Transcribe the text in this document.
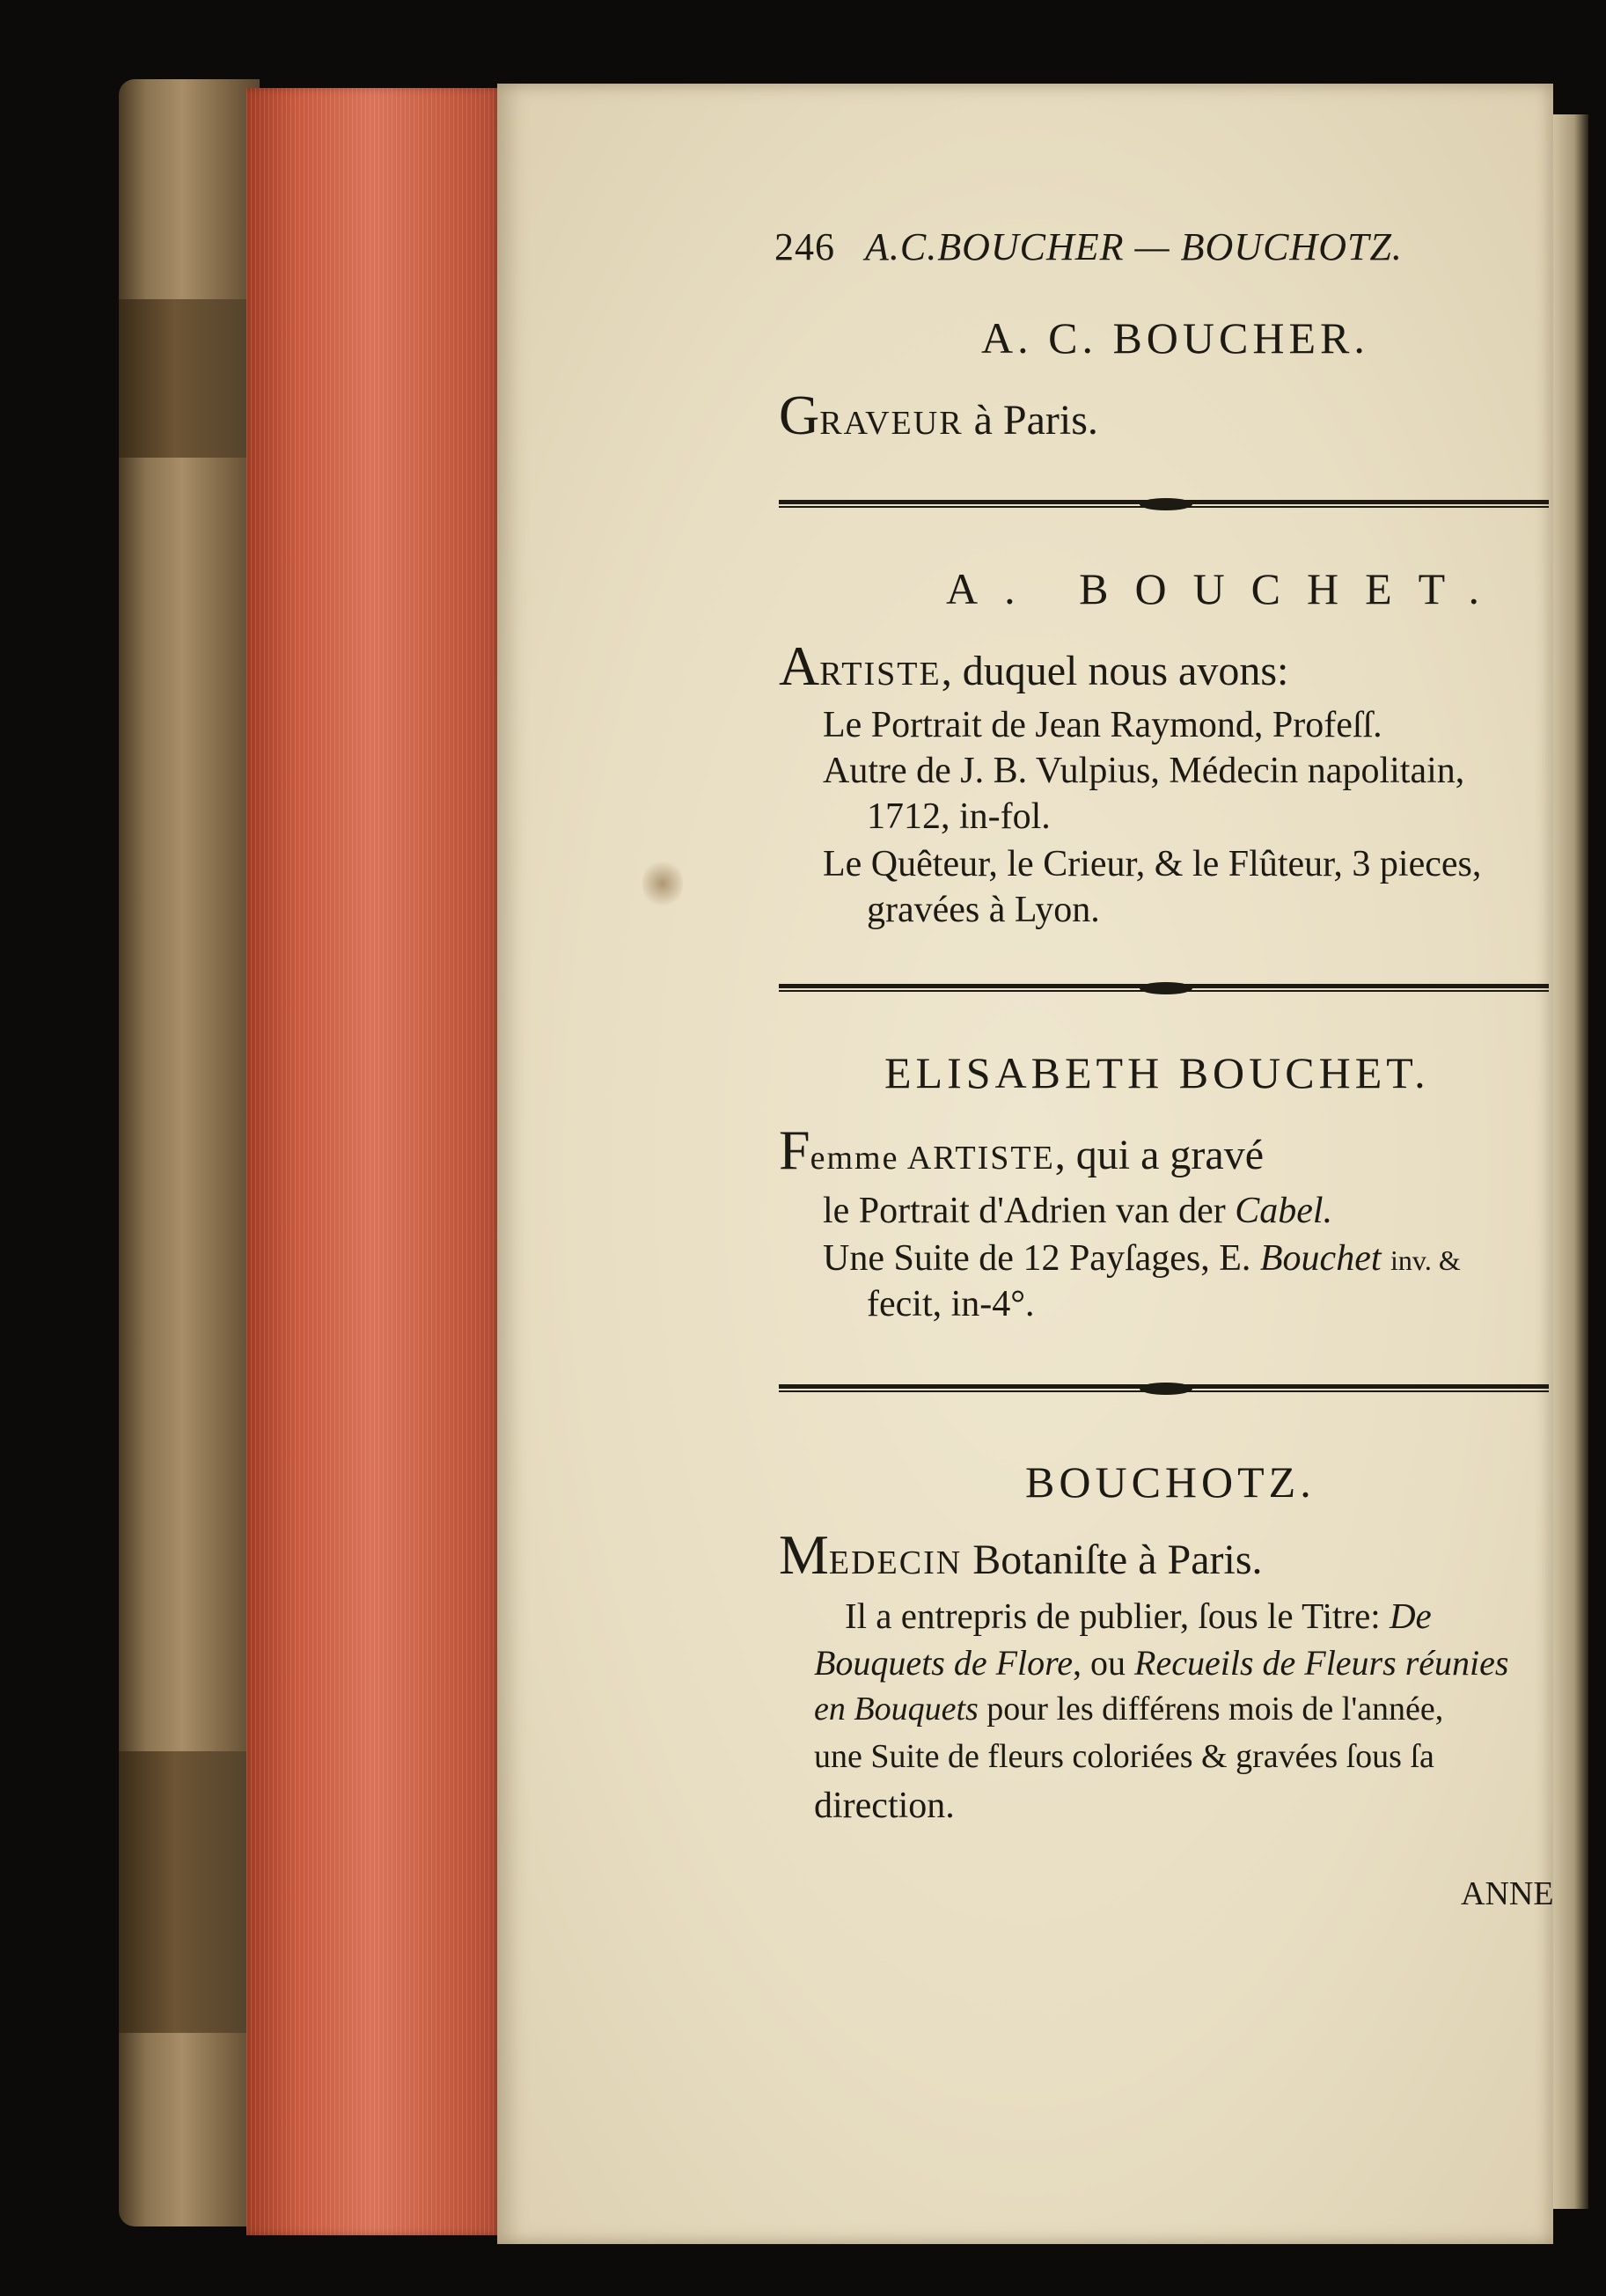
246 A.C.BOUCHER — BOUCHOTZ.
A. C. BOUCHER.
GRAVEUR à Paris.
A. BOUCHET.
ARTISTE, duquel nous avons:
Le Portrait de Jean Raymond, Profeſſ.
Autre de J. B. Vulpius, Médecin napolitain,
1712, in-fol.
Le Quêteur, le Crieur, & le Flûteur, 3 pieces,
gravées à Lyon.
ELISABETH BOUCHET.
Femme ARTISTE, qui a gravé
le Portrait d'Adrien van der Cabel.
Une Suite de 12 Payſages, E. Bouchet inv. &
fecit, in-4°.
BOUCHOTZ.
MEDECIN Botaniſte à Paris.
Il a entrepris de publier, ſous le Titre: De
Bouquets de Flore, ou Recueils de Fleurs réunies
en Bouquets pour les différens mois de l'année,
une Suite de fleurs coloriées & gravées ſous ſa
direction.
ANNE
